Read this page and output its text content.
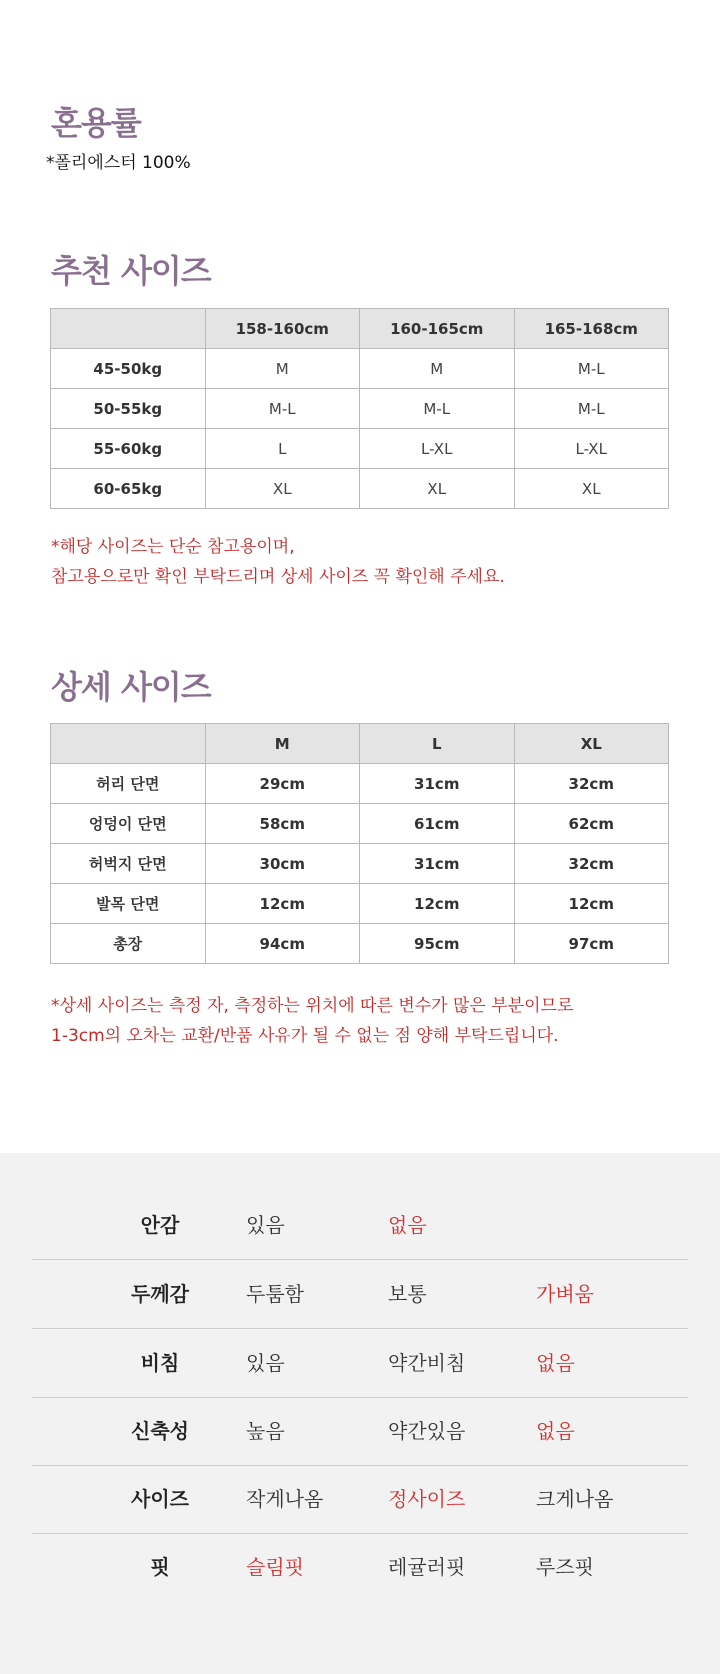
혼용률

*폴리에스터 100%

추천 사이즈
	158-160cm	160-165cm	165-168cm
45-50kg	M	M	M-L
50-55kg	M-L	M-L	M-L
55-60kg	L	L-XL	L-XL
60-65kg	XL	XL	XL

*해당 사이즈는 단순 참고용이며,
참고용으로만 확인 부탁드리며 상세 사이즈 꼭 확인해 주세요.

상세 사이즈
	M	L	XL
허리 단면	29cm	31cm	32cm
엉덩이 단면	58cm	61cm	62cm
허벅지 단면	30cm	31cm	32cm
발목 단면	12cm	12cm	12cm
총장	94cm	95cm	97cm

*상세 사이즈는 측정 자, 측정하는 위치에 따른 변수가 많은 부분이므로
1-3cm의 오차는 교환/반품 사유가 될 수 없는 점 양해 부탁드립니다.

안감	있음	없음
두께감	두툼함	보통	가벼움
비침	있음	약간비침	없음
신축성	높음	약간있음	없음
사이즈	작게나옴	정사이즈	크게나옴
핏	슬림핏	레귤러핏	루즈핏
